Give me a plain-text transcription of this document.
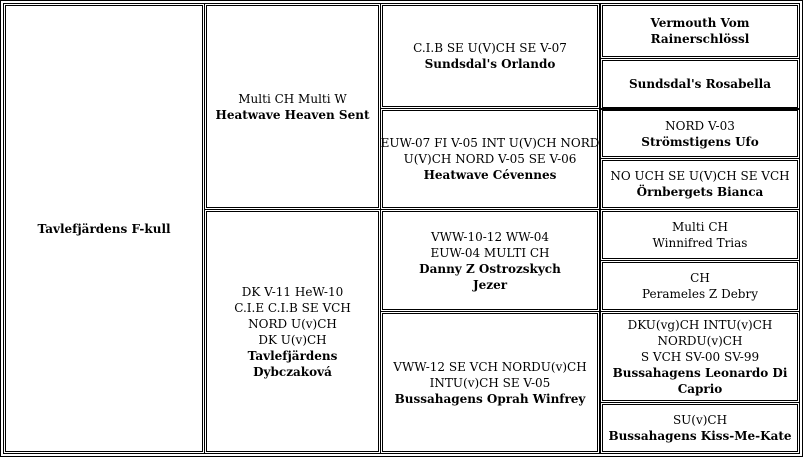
Tavlefjärdens F-kull
Multi CH Multi W
Heatwave Heaven Sent
DK V-11 HeW-10
C.I.E C.I.B SE VCH
NORD U(v)CH
DK U(v)CH
Tavlefjärdens
Dybczaková
C.I.B SE U(V)CH SE V-07
Sundsdal's Orlando
EUW-07 FI V-05 INT U(V)CH NORD
U(V)CH NORD V-05 SE V-06
Heatwave Cévennes
VWW-10-12 WW-04
EUW-04 MULTI CH
Danny Z Ostrozskych
Jezer
VWW-12 SE VCH NORDU(v)CH
INTU(v)CH SE V-05
Bussahagens Oprah Winfrey
Vermouth Vom
Rainerschlössl
Sundsdal's Rosabella
NORD V-03
Strömstigens Ufo
NO UCH SE U(V)CH SE VCH
Örnbergets Bianca
Multi CH
Winnifred Trias
CH
Perameles Z Debry
DKU(vg)CH INTU(v)CH
NORDU(v)CH
S VCH SV-00 SV-99
Bussahagens Leonardo Di
Caprio
SU(v)CH
Bussahagens Kiss-Me-Kate
